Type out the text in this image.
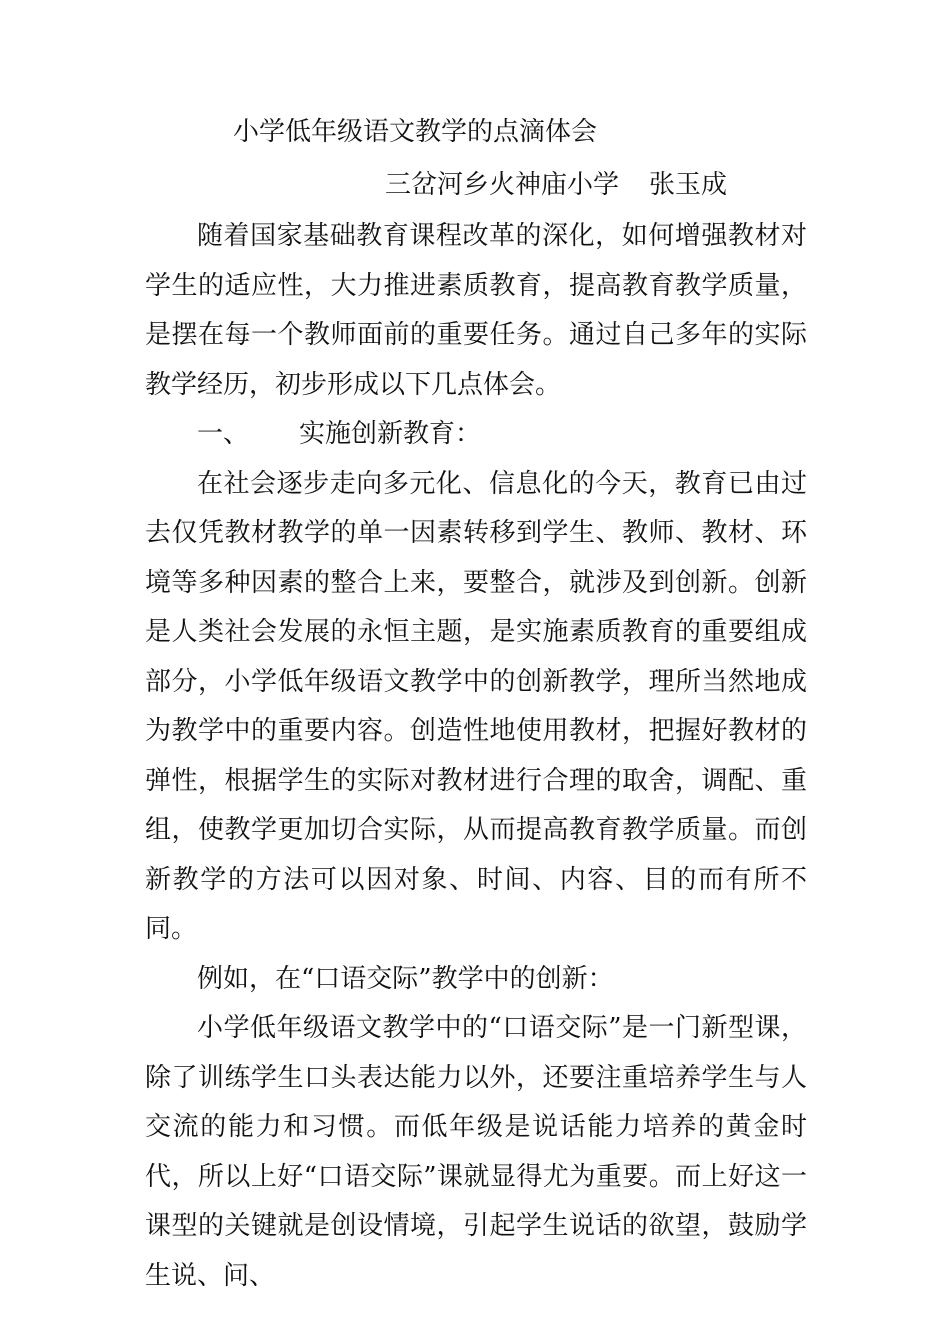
小学低年级语文教学的点滴体会
三岔河乡火神庙小学 张玉成

随着国家基础教育课程改革的深化，如何增强教材对学生的适应性，大力推进素质教育，提高教育教学质量，是摆在每一个教师面前的重要任务。通过自己多年的实际教学经历，初步形成以下几点体会。

一、 实施创新教育：

在社会逐步走向多元化、信息化的今天，教育已由过去仅凭教材教学的单一因素转移到学生、教师、教材、环境等多种因素的整合上来，要整合，就涉及到创新。创新是人类社会发展的永恒主题，是实施素质教育的重要组成部分，小学低年级语文教学中的创新教学，理所当然地成为教学中的重要内容。创造性地使用教材，把握好教材的弹性，根据学生的实际对教材进行合理的取舍，调配、重组，使教学更加切合实际，从而提高教育教学质量。而创新教学的方法可以因对象、时间、内容、目的而有所不同。

例如，在“口语交际”教学中的创新：

小学低年级语文教学中的“口语交际”是一门新型课，除了训练学生口头表达能力以外，还要注重培养学生与人交流的能力和习惯。而低年级是说话能力培养的黄金时代，所以上好“口语交际”课就显得尤为重要。而上好这一课型的关键就是创设情境，引起学生说话的欲望，鼓励学生说、问、
